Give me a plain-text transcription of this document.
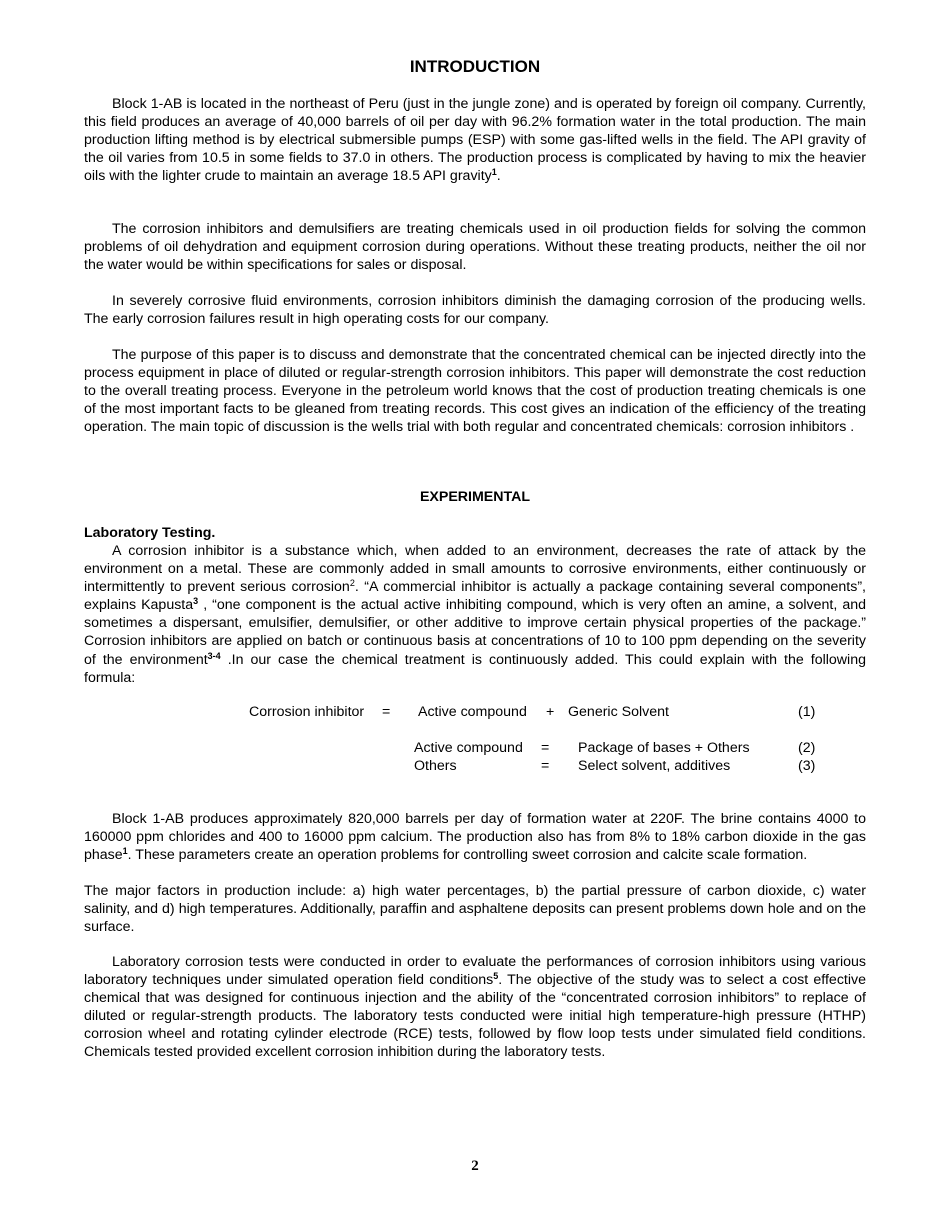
INTRODUCTION

Block 1-AB is located in the northeast of Peru (just in the jungle zone) and is operated by foreign oil company. Currently, this field produces an average of 40,000 barrels of oil per day with 96.2% formation water in the total production. The main production lifting method is by electrical submersible pumps (ESP) with some gas-lifted wells in the field. The API gravity of the oil varies from 10.5 in some fields to 37.0 in others. The production process is complicated by having to mix the heavier oils with the lighter crude to maintain an average 18.5 API gravity$^1$.

The corrosion inhibitors and demulsifiers are treating chemicals used in oil production fields for solving the common problems of oil dehydration and equipment corrosion during operations. Without these treating products, neither the oil nor the water would be within specifications for sales or disposal.

In severely corrosive fluid environments, corrosion inhibitors diminish the damaging corrosion of the producing wells. The early corrosion failures result in high operating costs for our company.

The purpose of this paper is to discuss and demonstrate that the concentrated chemical can be injected directly into the process equipment in place of diluted or regular-strength corrosion inhibitors. This paper will demonstrate the cost reduction to the overall treating process. Everyone in the petroleum world knows that the cost of production treating chemicals is one of the most important facts to be gleaned from treating records. This cost gives an indication of the efficiency of the treating operation. The main topic of discussion is the wells trial with both regular and concentrated chemicals: corrosion inhibitors .

EXPERIMENTAL
Laboratory Testing.

A corrosion inhibitor is a substance which, when added to an environment, decreases the rate of attack by the environment on a metal. These are commonly added in small amounts to corrosive environments, either continuously or intermittently to prevent serious corrosion$^2$. “A commercial inhibitor is actually a package containing several components”, explains Kapusta$^3$ , “one component is the actual active inhibiting compound, which is very often an amine, a solvent, and sometimes a dispersant, emulsifier, demulsifier, or other additive to improve certain physical properties of the package.” Corrosion inhibitors are applied on batch or continuous basis at concentrations of 10 to 100 ppm depending on the severity of the environment$^{3-4}$ .In our case the chemical treatment is continuously added. This could explain with the following formula:

Corrosion inhibitor = Active compound + Generic Solvent	(1)
Active compound = Package of bases + Others	(2)
Others	= Select solvent, additives	(3)

Block 1-AB produces approximately 820,000 barrels per day of formation water at 220F. The brine contains 4000 to 160000 ppm chlorides and 400 to 16000 ppm calcium. The production also has from 8% to 18% carbon dioxide in the gas phase$^1$. These parameters create an operation problems for controlling sweet corrosion and calcite scale formation.

The major factors in production include: a) high water percentages, b) the partial pressure of carbon dioxide, c) water salinity, and d) high temperatures. Additionally, paraffin and asphaltene deposits can present problems down hole and on the surface.

Laboratory corrosion tests were conducted in order to evaluate the performances of corrosion inhibitors using various laboratory techniques under simulated operation field conditions$^5$. The objective of the study was to select a cost effective chemical that was designed for continuous injection and the ability of the “concentrated corrosion inhibitors” to replace of diluted or regular-strength products. The laboratory tests conducted were initial high temperature-high pressure (HTHP) corrosion wheel and rotating cylinder electrode (RCE) tests, followed by flow loop tests under simulated field conditions. Chemicals tested provided excellent corrosion inhibition during the laboratory tests.

2
